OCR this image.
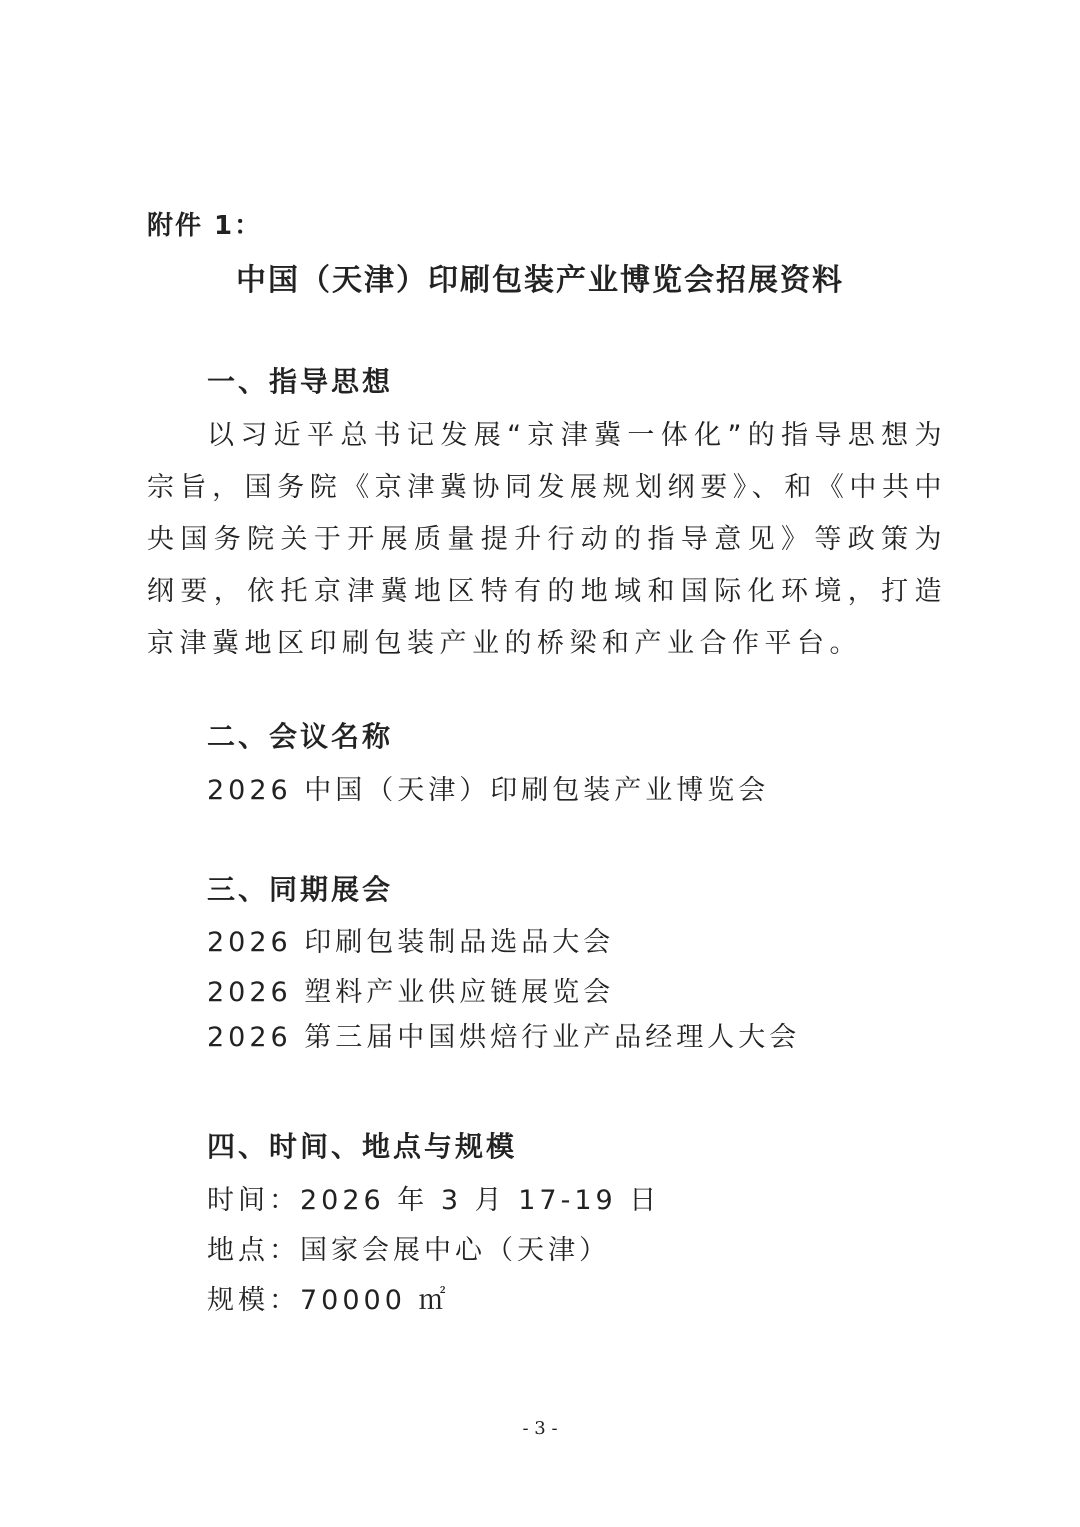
附件 1：
中国（天津）印刷包装产业博览会招展资料
一、指导思想
以习近平总书记发展“京津冀一体化”的指导思想为宗旨，国务院《京津冀协同发展规划纲要》、和《中共中央国务院关于开展质量提升行动的指导意见》等政策为纲要，依托京津冀地区特有的地域和国际化环境，打造京津冀地区印刷包装产业的桥梁和产业合作平台。
二、会议名称
2026 中国（天津）印刷包装产业博览会
三、同期展会
2026 印刷包装制品选品大会
2026 塑料产业供应链展览会
2026 第三届中国烘焙行业产品经理人大会
四、时间、地点与规模
时间：2026 年 3 月 17-19 日
地点：国家会展中心（天津）
规模：70000 ㎡
- 3 -
